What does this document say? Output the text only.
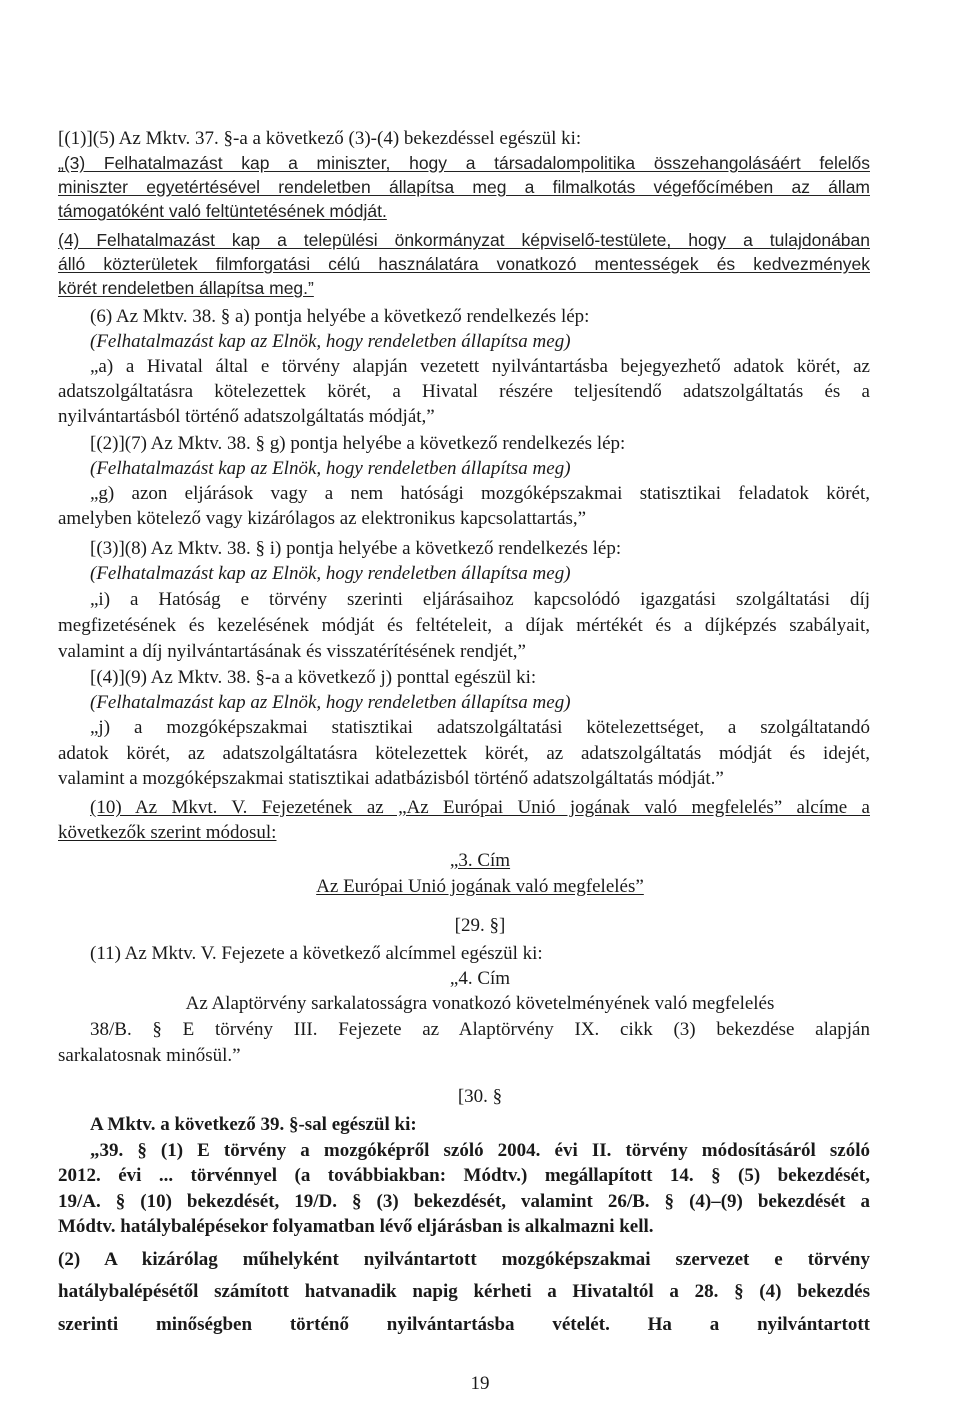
[(1)](5) Az Mktv. 37. §-a a következő (3)-(4) bekezdéssel egészül ki:

„(3) Felhatalmazást kap a miniszter, hogy a társadalompolitika összehangolásáért felelős

miniszter egyetértésével rendeletben állapítsa meg a filmalkotás végefőcímében az állam

támogatóként való feltüntetésének módját.

(4) Felhatalmazást kap a települési önkormányzat képviselő-testülete, hogy a tulajdonában

álló közterületek filmforgatási célú használatára vonatkozó mentességek és kedvezmények

körét rendeletben állapítsa meg.”

(6) Az Mktv. 38. § a) pontja helyébe a következő rendelkezés lép:

(Felhatalmazást kap az Elnök, hogy rendeletben állapítsa meg)

„a) a Hivatal által e törvény alapján vezetett nyilvántartásba bejegyezhető adatok körét, az

adatszolgáltatásra kötelezettek körét, a Hivatal részére teljesítendő adatszolgáltatás és a

nyilvántartásból történő adatszolgáltatás módját,”

[(2)](7) Az Mktv. 38. § g) pontja helyébe a következő rendelkezés lép:

(Felhatalmazást kap az Elnök, hogy rendeletben állapítsa meg)

„g) azon eljárások vagy a nem hatósági mozgóképszakmai statisztikai feladatok körét,

amelyben kötelező vagy kizárólagos az elektronikus kapcsolattartás,”

[(3)](8) Az Mktv. 38. § i) pontja helyébe a következő rendelkezés lép:

(Felhatalmazást kap az Elnök, hogy rendeletben állapítsa meg)

„i) a Hatóság e törvény szerinti eljárásaihoz kapcsolódó igazgatási szolgáltatási díj

megfizetésének és kezelésének módját és feltételeit, a díjak mértékét és a díjképzés szabályait,

valamint a díj nyilvántartásának és visszatérítésének rendjét,”

[(4)](9) Az Mktv. 38. §-a a következő j) ponttal egészül ki:

(Felhatalmazást kap az Elnök, hogy rendeletben állapítsa meg)

„j) a mozgóképszakmai statisztikai adatszolgáltatási kötelezettséget, a szolgáltatandó

adatok körét, az adatszolgáltatásra kötelezettek körét, az adatszolgáltatás módját és idejét,

valamint a mozgóképszakmai statisztikai adatbázisból történő adatszolgáltatás módját.”

(10) Az Mkvt. V. Fejezetének az „Az Európai Unió jogának való megfelelés” alcíme a

következők szerint módosul:

„3. Cím

Az Európai Unió jogának való megfelelés”

[29. §]

(11) Az Mktv. V. Fejezete a következő alcímmel egészül ki:

„4. Cím

Az Alaptörvény sarkalatosságra vonatkozó követelményének való megfelelés

38/B. § E törvény III. Fejezete az Alaptörvény IX. cikk (3) bekezdése alapján

sarkalatosnak minősül.”

[30. §

A Mktv. a következő 39. §-sal egészül ki:

„39. § (1) E törvény a mozgóképről szóló 2004. évi II. törvény módosításáról szóló

2012. évi ... törvénnyel (a továbbiakban: Módtv.) megállapított 14. § (5) bekezdését,

19/A. § (10) bekezdését, 19/D. § (3) bekezdését, valamint 26/B. § (4)–(9) bekezdését a

Módtv. hatálybalépésekor folyamatban lévő eljárásban is alkalmazni kell.

(2) A kizárólag műhelyként nyilvántartott mozgóképszakmai szervezet e törvény

hatálybalépésétől számított hatvanadik napig kérheti a Hivataltól a 28. § (4) bekezdés

szerinti minőségben történő nyilvántartásba vételét. Ha a nyilvántartott

19
